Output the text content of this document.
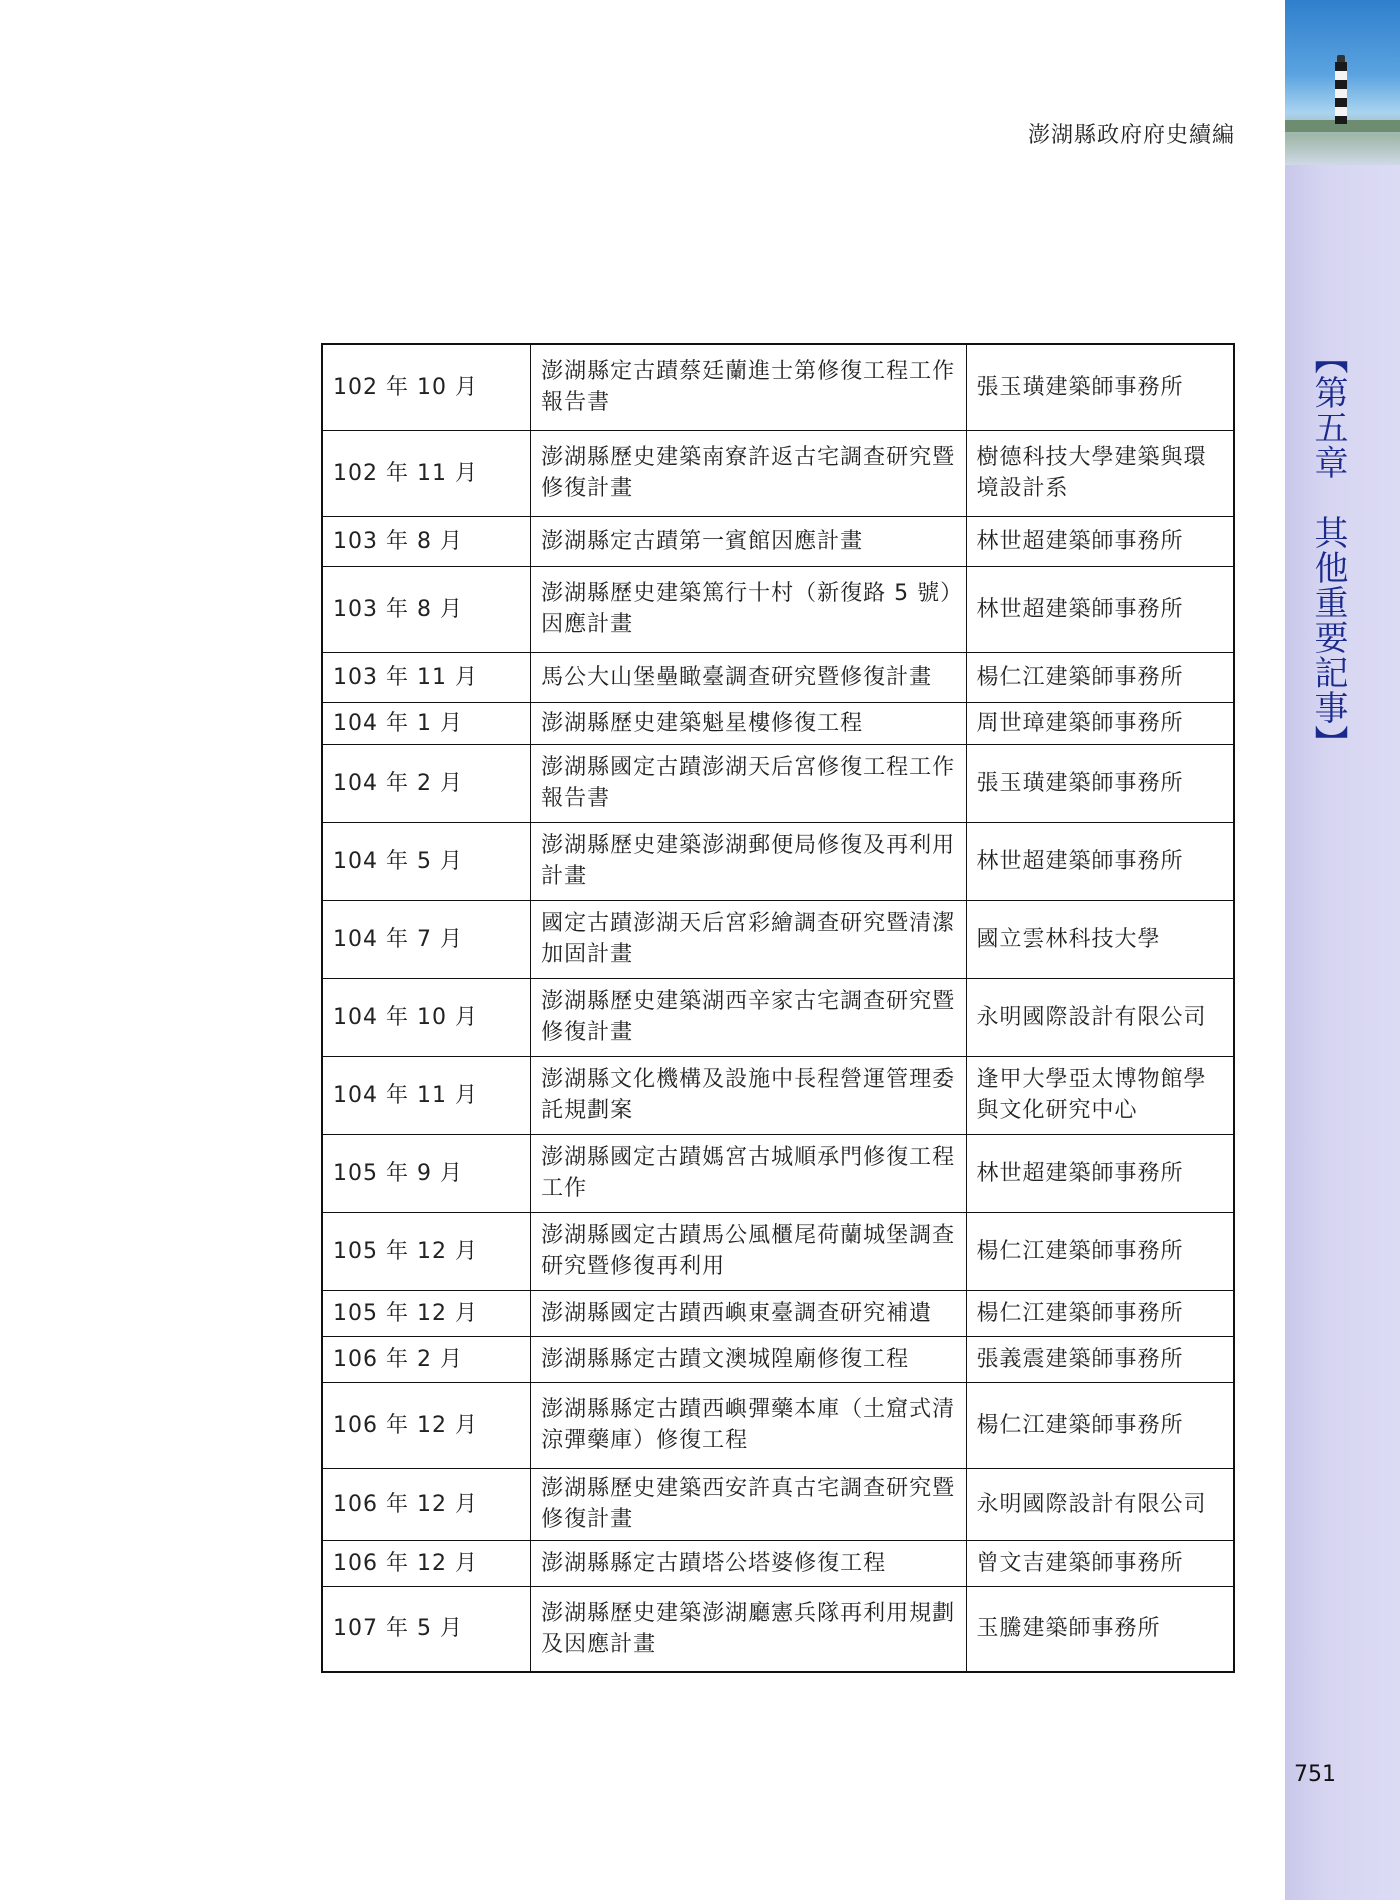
澎湖縣政府府史續編
【第五章　其他重要記事】
102 年 10 月	澎湖縣定古蹟蔡廷蘭進士第修復工程工作報告書	張玉璜建築師事務所
102 年 11 月	澎湖縣歷史建築南寮許返古宅調查研究暨修復計畫	樹德科技大學建築與環境設計系
103 年 8 月	澎湖縣定古蹟第一賓館因應計畫	林世超建築師事務所
103 年 8 月	澎湖縣歷史建築篤行十村（新復路 5 號）因應計畫	林世超建築師事務所
103 年 11 月	馬公大山堡壘瞰臺調查研究暨修復計畫	楊仁江建築師事務所
104 年 1 月	澎湖縣歷史建築魁星樓修復工程	周世璋建築師事務所
104 年 2 月	澎湖縣國定古蹟澎湖天后宮修復工程工作報告書	張玉璜建築師事務所
104 年 5 月	澎湖縣歷史建築澎湖郵便局修復及再利用計畫	林世超建築師事務所
104 年 7 月	國定古蹟澎湖天后宮彩繪調查研究暨清潔加固計畫	國立雲林科技大學
104 年 10 月	澎湖縣歷史建築湖西辛家古宅調查研究暨修復計畫	永明國際設計有限公司
104 年 11 月	澎湖縣文化機構及設施中長程營運管理委託規劃案	逢甲大學亞太博物館學與文化研究中心
105 年 9 月	澎湖縣國定古蹟媽宮古城順承門修復工程工作	林世超建築師事務所
105 年 12 月	澎湖縣國定古蹟馬公風櫃尾荷蘭城堡調查研究暨修復再利用	楊仁江建築師事務所
105 年 12 月	澎湖縣國定古蹟西嶼東臺調查研究補遺	楊仁江建築師事務所
106 年 2 月	澎湖縣縣定古蹟文澳城隍廟修復工程	張義震建築師事務所
106 年 12 月	澎湖縣縣定古蹟西嶼彈藥本庫（土窟式清涼彈藥庫）修復工程	楊仁江建築師事務所
106 年 12 月	澎湖縣歷史建築西安許真古宅調查研究暨修復計畫	永明國際設計有限公司
106 年 12 月	澎湖縣縣定古蹟塔公塔婆修復工程	曾文吉建築師事務所
107 年 5 月	澎湖縣歷史建築澎湖廳憲兵隊再利用規劃及因應計畫	玉騰建築師事務所
751
